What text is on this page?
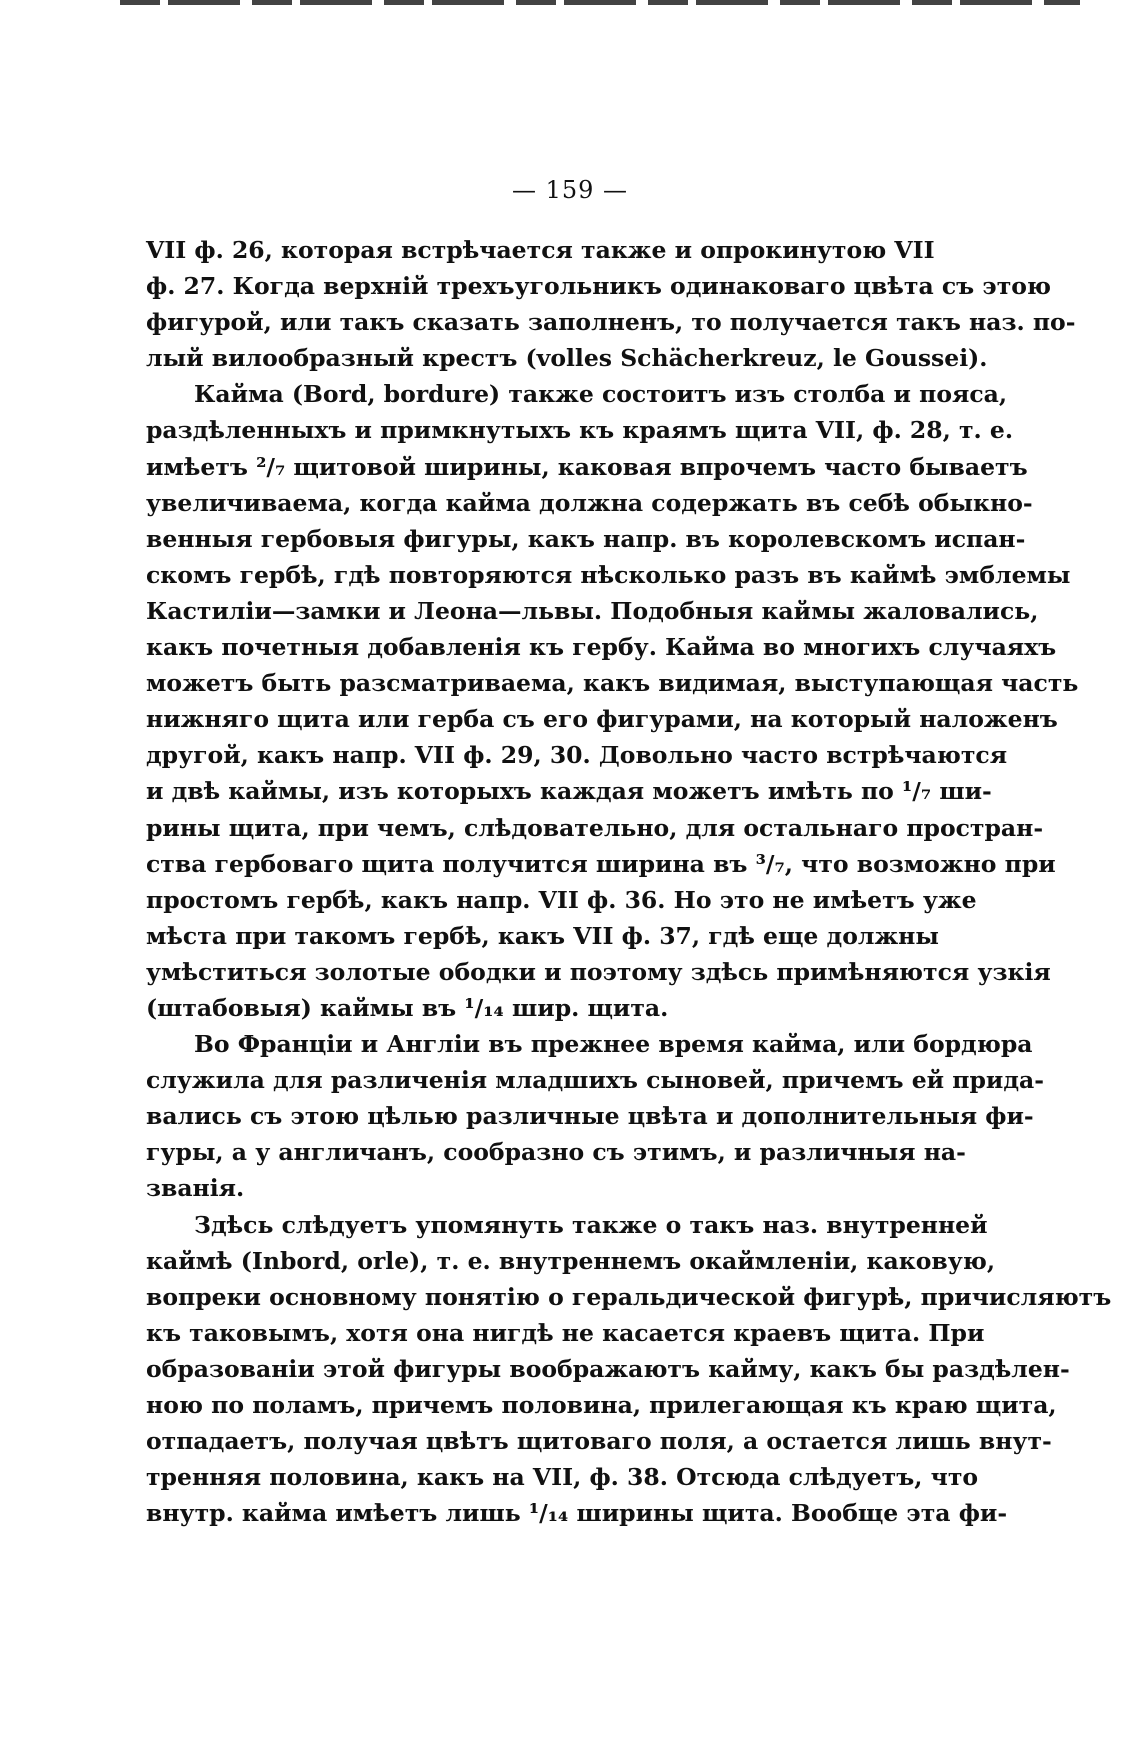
— 159 —
VII ф. 26, которая встрѣчается также и опрокинутою VII
ф. 27. Когда верхній трехъугольникъ одинаковаго цвѣта съ этою
фигурой, или такъ сказать заполненъ, то получается такъ наз. по-
лый вилообразный крестъ (volles Schächerkreuz, le Goussei).
Кайма (Bord, bordure) также состоитъ изъ столба и пояса,
раздѣленныхъ и примкнутыхъ къ краямъ щита VII, ф. 28, т. е.
имѣетъ ²/₇ щитовой ширины, каковая впрочемъ часто бываетъ
увеличиваема, когда кайма должна содержать въ себѣ обыкно-
венныя гербовыя фигуры, какъ напр. въ королевскомъ испан-
скомъ гербѣ, гдѣ повторяются нѣсколько разъ въ каймѣ эмблемы
Кастиліи—замки и Леона—львы. Подобныя каймы жаловались,
какъ почетныя добавленія къ гербу. Кайма во многихъ случаяхъ
можетъ быть разсматриваема, какъ видимая, выступающая часть
нижняго щита или герба съ его фигурами, на который наложенъ
другой, какъ напр. VII ф. 29, 30. Довольно часто встрѣчаются
и двѣ каймы, изъ которыхъ каждая можетъ имѣть по ¹/₇ ши-
рины щита, при чемъ, слѣдовательно, для остальнаго простран-
ства гербоваго щита получится ширина въ ³/₇, что возможно при
простомъ гербѣ, какъ напр. VII ф. 36. Но это не имѣетъ уже
мѣста при такомъ гербѣ, какъ VII ф. 37, гдѣ еще должны
умѣститься золотые ободки и поэтому здѣсь примѣняются узкія
(штабовыя) каймы въ ¹/₁₄ шир. щита.
Во Франціи и Англіи въ прежнее время кайма, или бордюра
служила для различенія младшихъ сыновей, причемъ ей прида-
вались съ этою цѣлью различные цвѣта и дополнительныя фи-
гуры, а у англичанъ, сообразно съ этимъ, и различныя на-
званія.
Здѣсь слѣдуетъ упомянуть также о такъ наз. внутренней
каймѣ (Inbord, orle), т. е. внутреннемъ окаймленіи, каковую,
вопреки основному понятію о геральдической фигурѣ, причисляютъ
къ таковымъ, хотя она нигдѣ не касается краевъ щита. При
образованіи этой фигуры воображаютъ кайму, какъ бы раздѣлен-
ною по поламъ, причемъ половина, прилегающая къ краю щита,
отпадаетъ, получая цвѣтъ щитоваго поля, а остается лишь внут-
тренняя половина, какъ на VII, ф. 38. Отсюда слѣдуетъ, что
внутр. кайма имѣетъ лишь ¹/₁₄ ширины щита. Вообще эта фи-
